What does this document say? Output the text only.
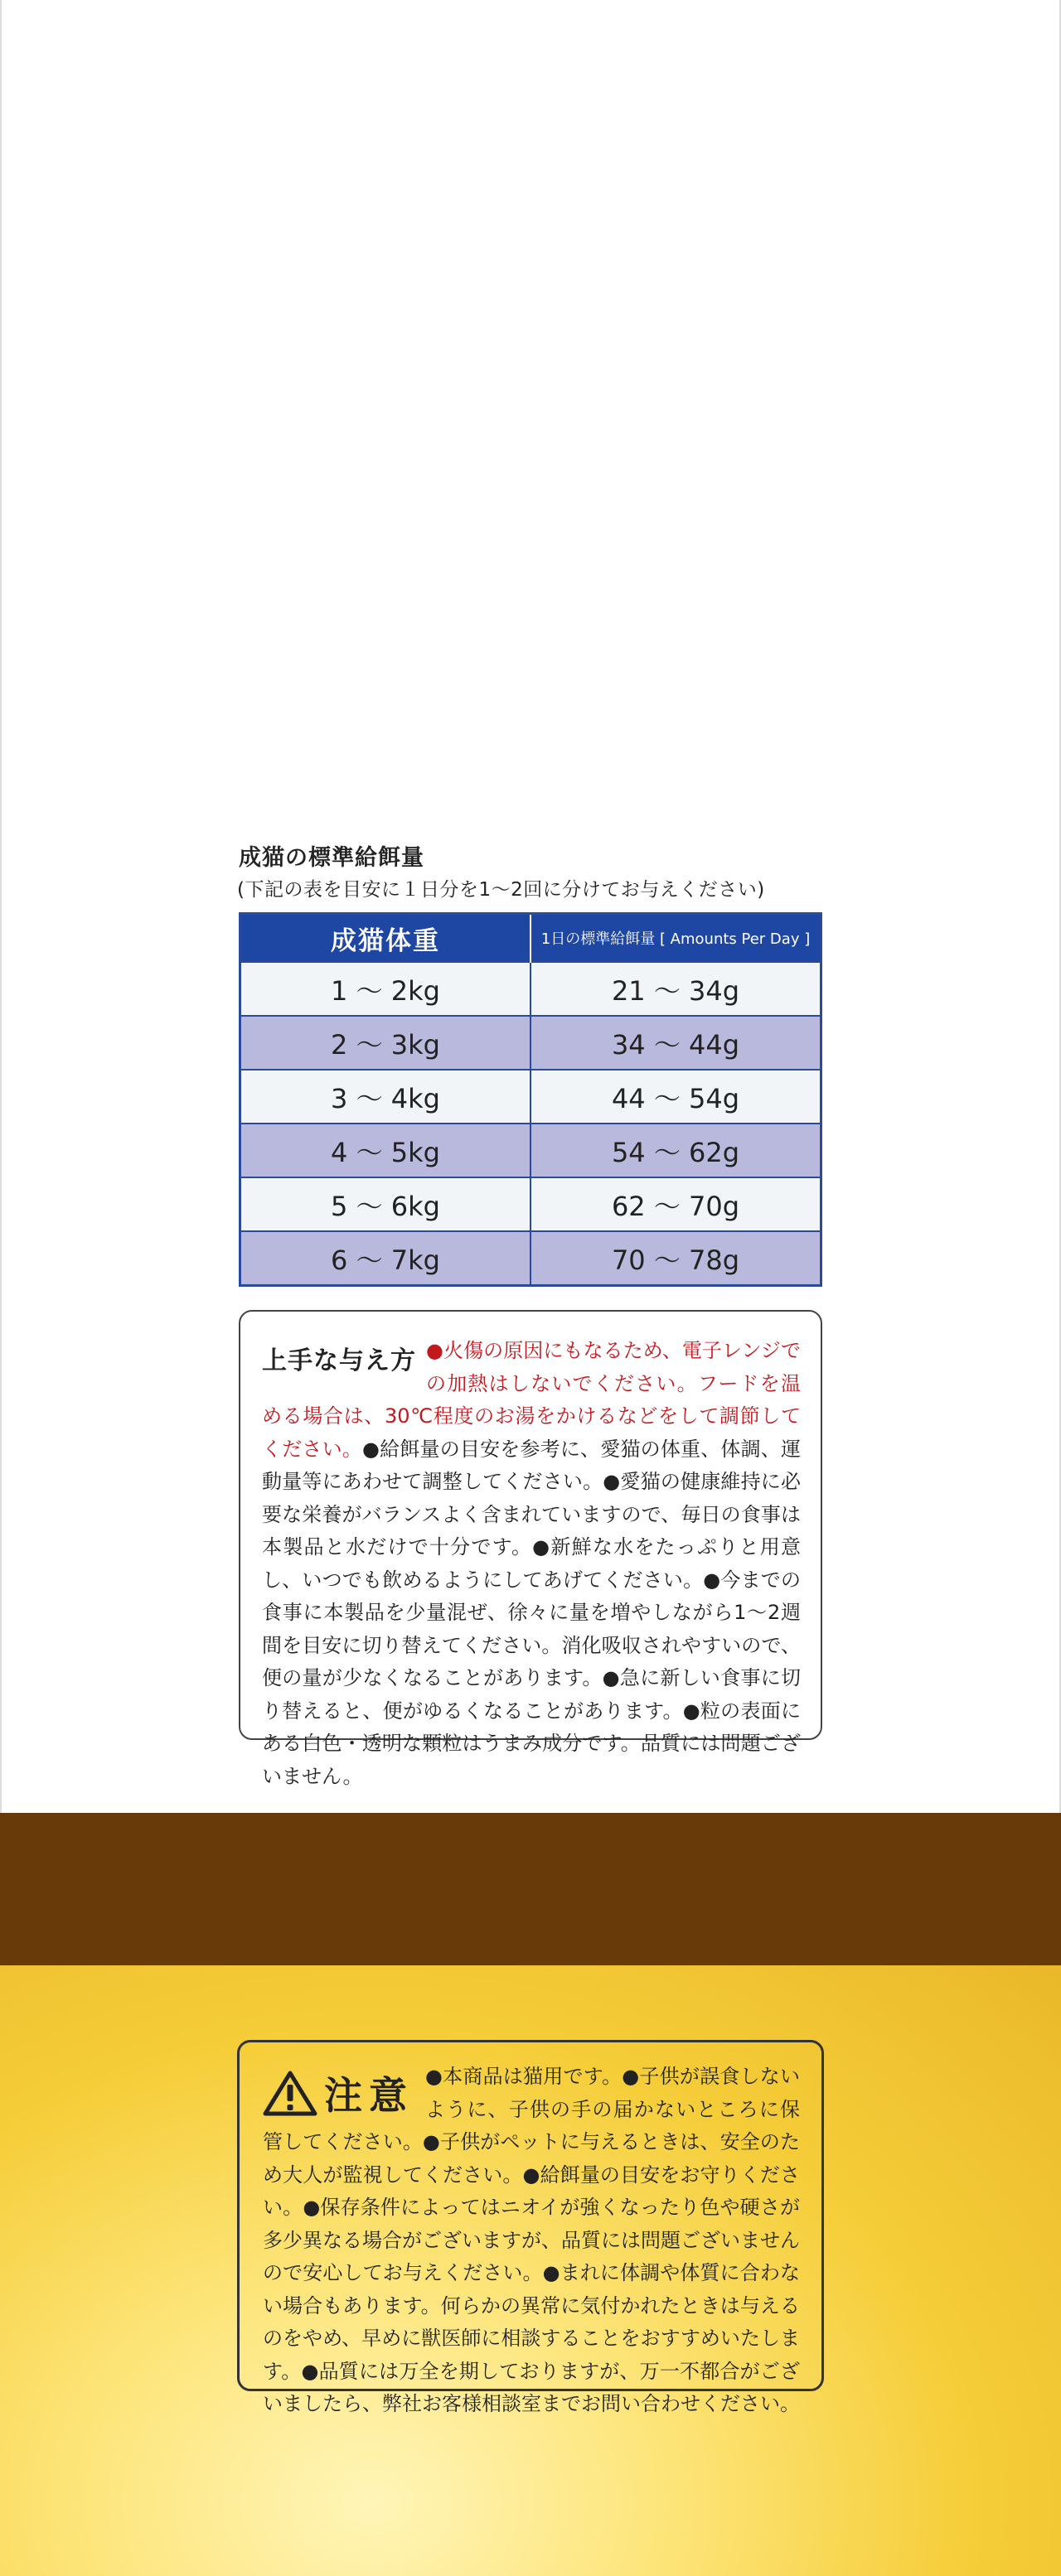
成猫の標準給餌量
(下記の表を目安に１日分を1〜2回に分けてお与えください)
成猫体重	1日の標準給餌量 [ Amounts Per Day ]
1 ～ 2kg	21 ～ 34g
2 ～ 3kg	34 ～ 44g
3 ～ 4kg	44 ～ 54g
4 ～ 5kg	54 ～ 62g
5 ～ 6kg	62 ～ 70g
6 ～ 7kg	70 ～ 78g
上手な与え方 ●火傷の原因にもなるため、電子レンジでの加熱はしないでください。フードを温める場合は、30℃程度のお湯をかけるなどをして調節してください。●給餌量の目安を参考に、愛猫の体重、体調、運動量等にあわせて調整してください。●愛猫の健康維持に必要な栄養がバランスよく含まれていますので、毎日の食事は本製品と水だけで十分です。●新鮮な水をたっぷりと用意し、いつでも飲めるようにしてあげてください。●今までの食事に本製品を少量混ぜ、徐々に量を増やしながら1〜2週間を目安に切り替えてください。消化吸収されやすいので、便の量が少なくなることがあります。●急に新しい食事に切り替えると、便がゆるくなることがあります。●粒の表面にある白色・透明な顆粒はうまみ成分です。品質には問題ございません。
注意 ●本商品は猫用です。●子供が誤食しないように、子供の手の届かないところに保管してください。●子供がペットに与えるときは、安全のため大人が監視してください。●給餌量の目安をお守りください。●保存条件によってはニオイが強くなったり色や硬さが多少異なる場合がございますが、品質には問題ございませんので安心してお与えください。●まれに体調や体質に合わない場合もあります。何らかの異常に気付かれたときは与えるのをやめ、早めに獣医師に相談することをおすすめいたします。●品質には万全を期しておりますが、万一不都合がございましたら、弊社お客様相談室までお問い合わせください。
